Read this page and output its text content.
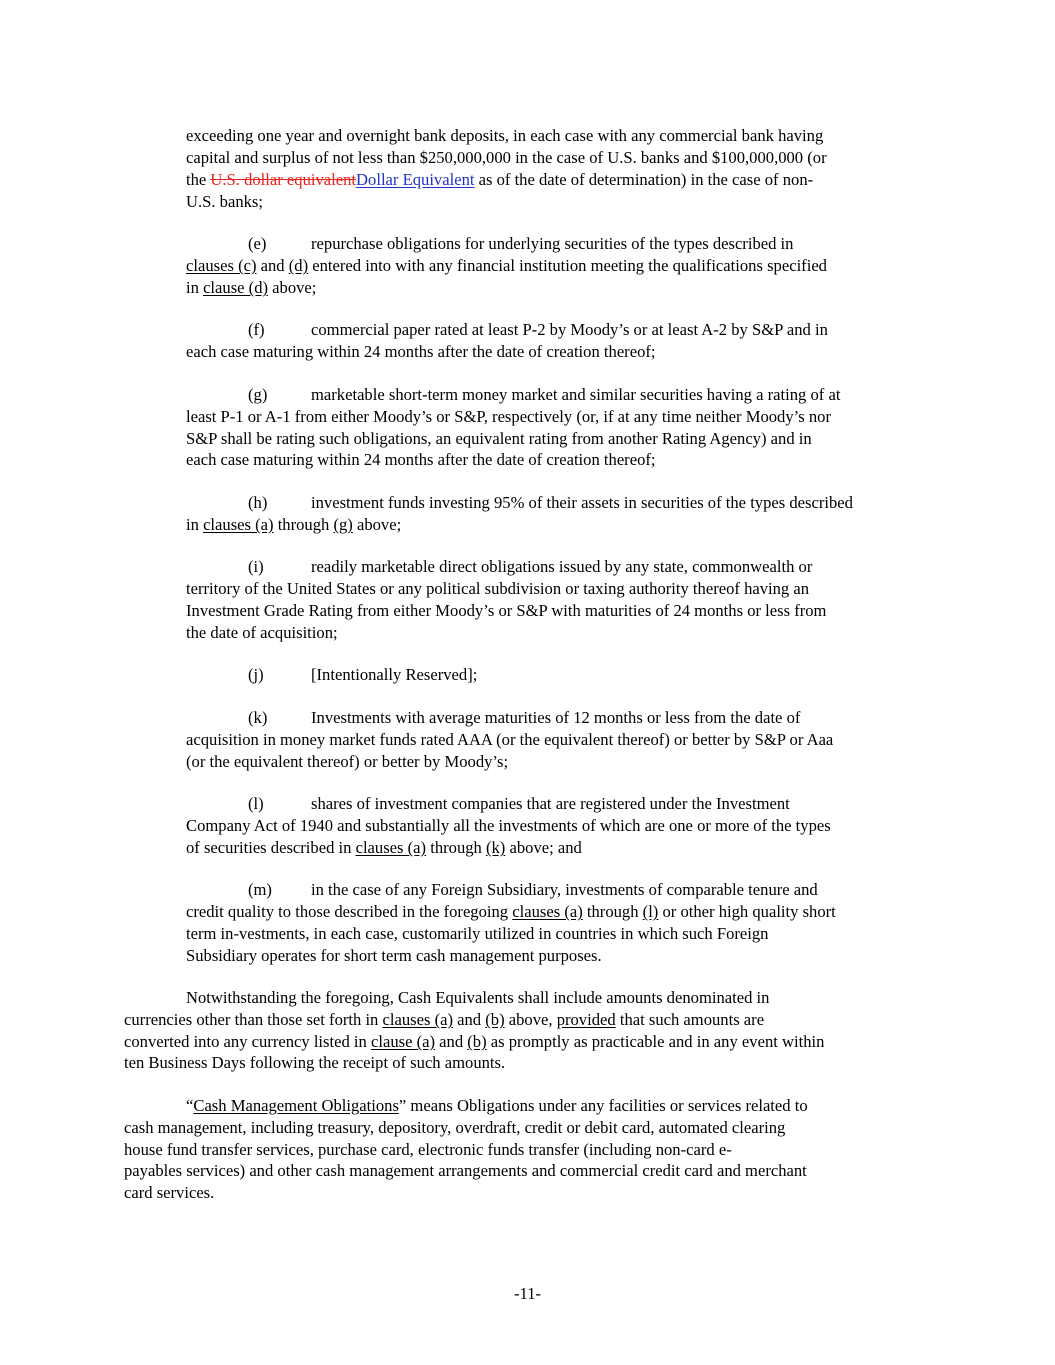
exceeding one year and overnight bank deposits, in each case with any commercial bank having

capital and surplus of not less than $250,000,000 in the case of U.S. banks and $100,000,000 (or

the U.S. dollar equivalentDollar Equivalent as of the date of determination) in the case of non-

U.S. banks;

(e)	repurchase obligations for underlying securities of the types described in

clauses (c) and (d) entered into with any financial institution meeting the qualifications specified

in clause (d) above;

(f)	commercial paper rated at least P-2 by Moody’s or at least A-2 by S&P and in

each case maturing within 24 months after the date of creation thereof;

(g)	marketable short-term money market and similar securities having a rating of at

least P-1 or A-1 from either Moody’s or S&P, respectively (or, if at any time neither Moody’s nor

S&P shall be rating such obligations, an equivalent rating from another Rating Agency) and in

each case maturing within 24 months after the date of creation thereof;

(h)	investment funds investing 95% of their assets in securities of the types described

in clauses (a) through (g) above;

(i)	readily marketable direct obligations issued by any state, commonwealth or

territory of the United States or any political subdivision or taxing authority thereof having an

Investment Grade Rating from either Moody’s or S&P with maturities of 24 months or less from

the date of acquisition;

(j)	[Intentionally Reserved];
(k)	Investments with average maturities of 12 months or less from the date of

acquisition in money market funds rated AAA (or the equivalent thereof) or better by S&P or Aaa

(or the equivalent thereof) or better by Moody’s;

(l)	shares of investment companies that are registered under the Investment

Company Act of 1940 and substantially all the investments of which are one or more of the types

of securities described in clauses (a) through (k) above; and

(m) in the case of any Foreign Subsidiary, investments of comparable tenure and

credit quality to those described in the foregoing clauses (a) through (l) or other high quality short

term in-vestments, in each case, customarily utilized in countries in which such Foreign

Subsidiary operates for short term cash management purposes.

Notwithstanding the foregoing, Cash Equivalents shall include amounts denominated in

currencies other than those set forth in clauses (a) and (b) above, provided that such amounts are

converted into any currency listed in clause (a) and (b) as promptly as practicable and in any event within

ten Business Days following the receipt of such amounts.

“Cash Management Obligations” means Obligations under any facilities or services related to

cash management, including treasury, depository, overdraft, credit or debit card, automated clearing

house fund transfer services, purchase card, electronic funds transfer (including non-card e-

payables services) and other cash management arrangements and commercial credit card and merchant

card services.

-11-
